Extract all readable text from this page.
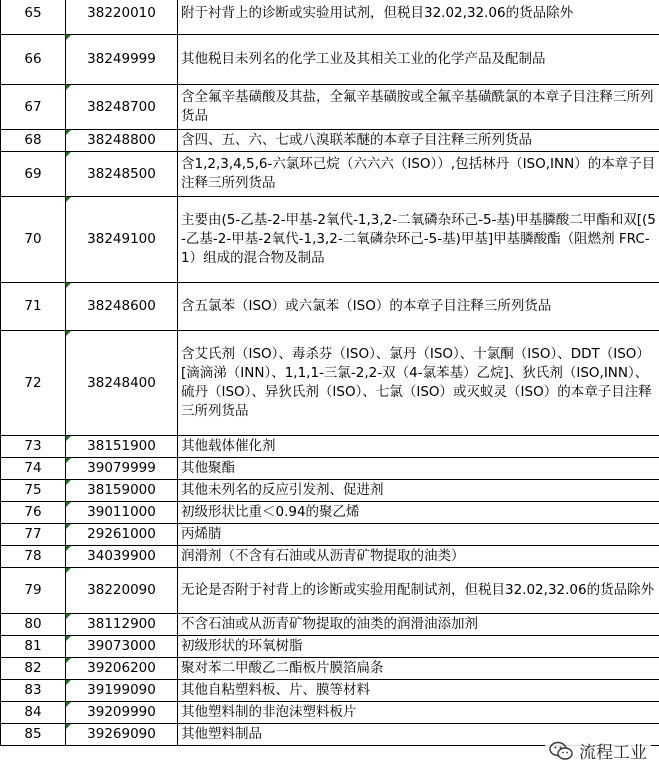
65	38220010	附于衬背上的诊断或实验用试剂，但税目32.02,32.06的货品除外
66	38249999	其他税目未列名的化学工业及其相关工业的化学产品及配制品
67	38248700	含全氟辛基磺酸及其盐，全氟辛基磺胺或全氟辛基磺酰氯的本章子目注释三所列货品
68	38248800	含四、五、六、七或八溴联苯醚的本章子目注释三所列货品
69	38248500	含1,2,3,4,5,6-六氯环己烷（六六六（ISO））,包括林丹（ISO,INN）的本章子目注释三所列货品
70	38249100	主要由(5-乙基-2-甲基-2氧代-1,3,2-二氧磷杂环己-5-基)甲基膦酸二甲酯和双[(5-乙基-2-甲基-2氧代-1,3,2-二氧磷杂环己-5-基)甲基]甲基膦酸酯（阻燃剂 FRC-1）组成的混合物及制品
71	38248600	含五氯苯（ISO）或六氯苯（ISO）的本章子目注释三所列货品
72	38248400	含艾氏剂（ISO）、毒杀芬（ISO）、氯丹（ISO）、十氯酮（ISO）、DDT（ISO）[滴滴涕（INN）、1,1,1-三氯-2,2-双（4-氯苯基）乙烷]、狄氏剂（ISO,INN）、硫丹（ISO）、异狄氏剂（ISO）、七氯（ISO）或灭蚁灵（ISO）的本章子目注释三所列货品
73	38151900	其他载体催化剂
74	39079999	其他聚酯
75	38159000	其他未列名的反应引发剂、促进剂
76	39011000	初级形状比重＜0.94的聚乙烯
77	29261000	丙烯腈
78	34039900	润滑剂（不含有石油或从沥青矿物提取的油类）
79	38220090	无论是否附于衬背上的诊断或实验用配制试剂，但税目32.02,32.06的货品除外
80	38112900	不含石油或从沥青矿物提取的油类的润滑油添加剂
81	39073000	初级形状的环氧树脂
82	39206200	聚对苯二甲酸乙二酯板片膜箔扁条
83	39199090	其他自粘塑料板、片、膜等材料
84	39209990	其他塑料制的非泡沫塑料板片
85	39269090	其他塑料制品
流程工业
